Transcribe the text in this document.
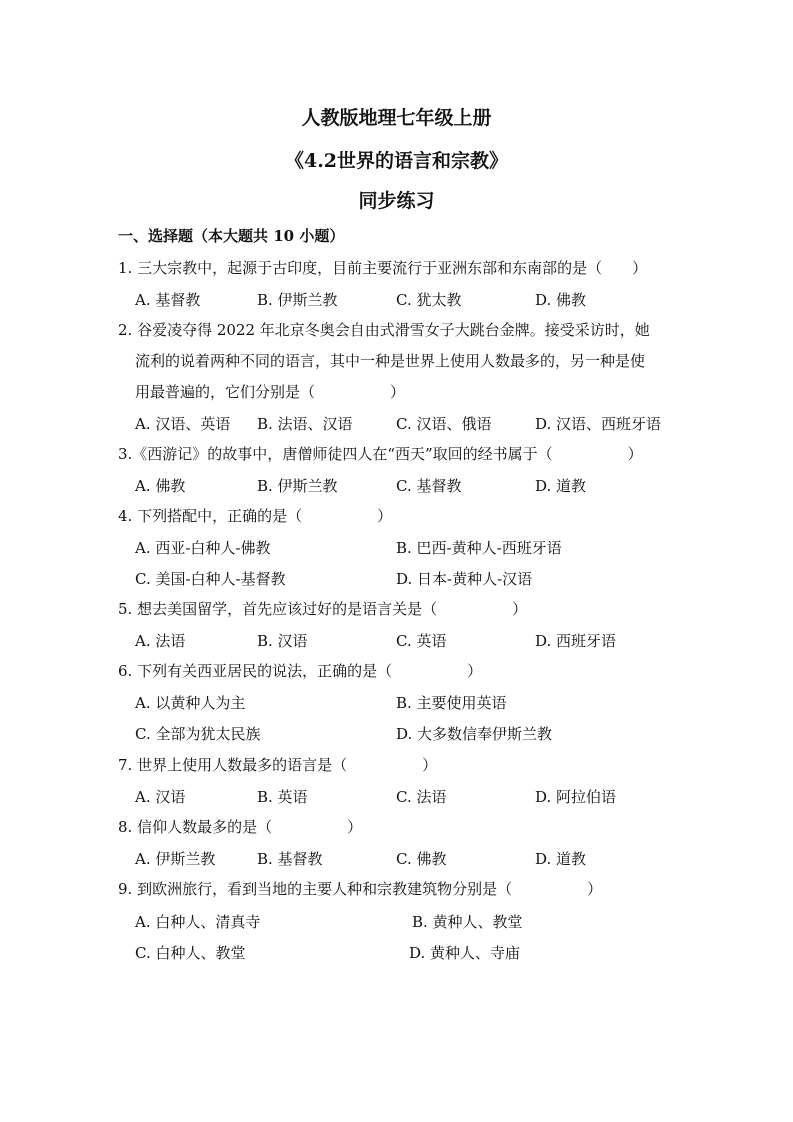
人教版地理七年级上册
《4.2世界的语言和宗教》
同步练习
一、选择题（本大题共 10 小题）
1. 三大宗教中，起源于古印度，目前主要流行于亚洲东部和东南部的是（　　）
A. 基督教	B. 伊斯兰教	C. 犹太教	D. 佛教
2. 谷爱凌夺得 2022 年北京冬奥会自由式滑雪女子大跳台金牌。接受采访时，她
流利的说着两种不同的语言，其中一种是世界上使用人数最多的，另一种是使
用最普遍的，它们分别是（　　　　　）
A. 汉语、英语 B. 法语、汉语	C. 汉语、俄语	D. 汉语、西班牙语
3.《西游记》的故事中，唐僧师徒四人在“西天”取回的经书属于（　　　　　）
A. 佛教	B. 伊斯兰教	C. 基督教	D. 道教
4. 下列搭配中，正确的是（　　　　　）
A. 西亚-白种人-佛教	B. 巴西-黄种人-西班牙语
C. 美国-白种人-基督教	D. 日本-黄种人-汉语
5. 想去美国留学，首先应该过好的是语言关是（　　　　　）
A. 法语	B. 汉语	C. 英语	D. 西班牙语
6. 下列有关西亚居民的说法，正确的是（　　　　　）
A. 以黄种人为主	B. 主要使用英语
C. 全部为犹太民族	D. 大多数信奉伊斯兰教
7. 世界上使用人数最多的语言是（　　　　　）
A. 汉语	B. 英语	C. 法语	D. 阿拉伯语
8. 信仰人数最多的是（　　　　　）
A. 伊斯兰教	B. 基督教	C. 佛教	D. 道教
9. 到欧洲旅行，看到当地的主要人种和宗教建筑物分别是（　　　　　）
A. 白种人、清真寺	B. 黄种人、教堂
C. 白种人、教堂	D. 黄种人、寺庙
